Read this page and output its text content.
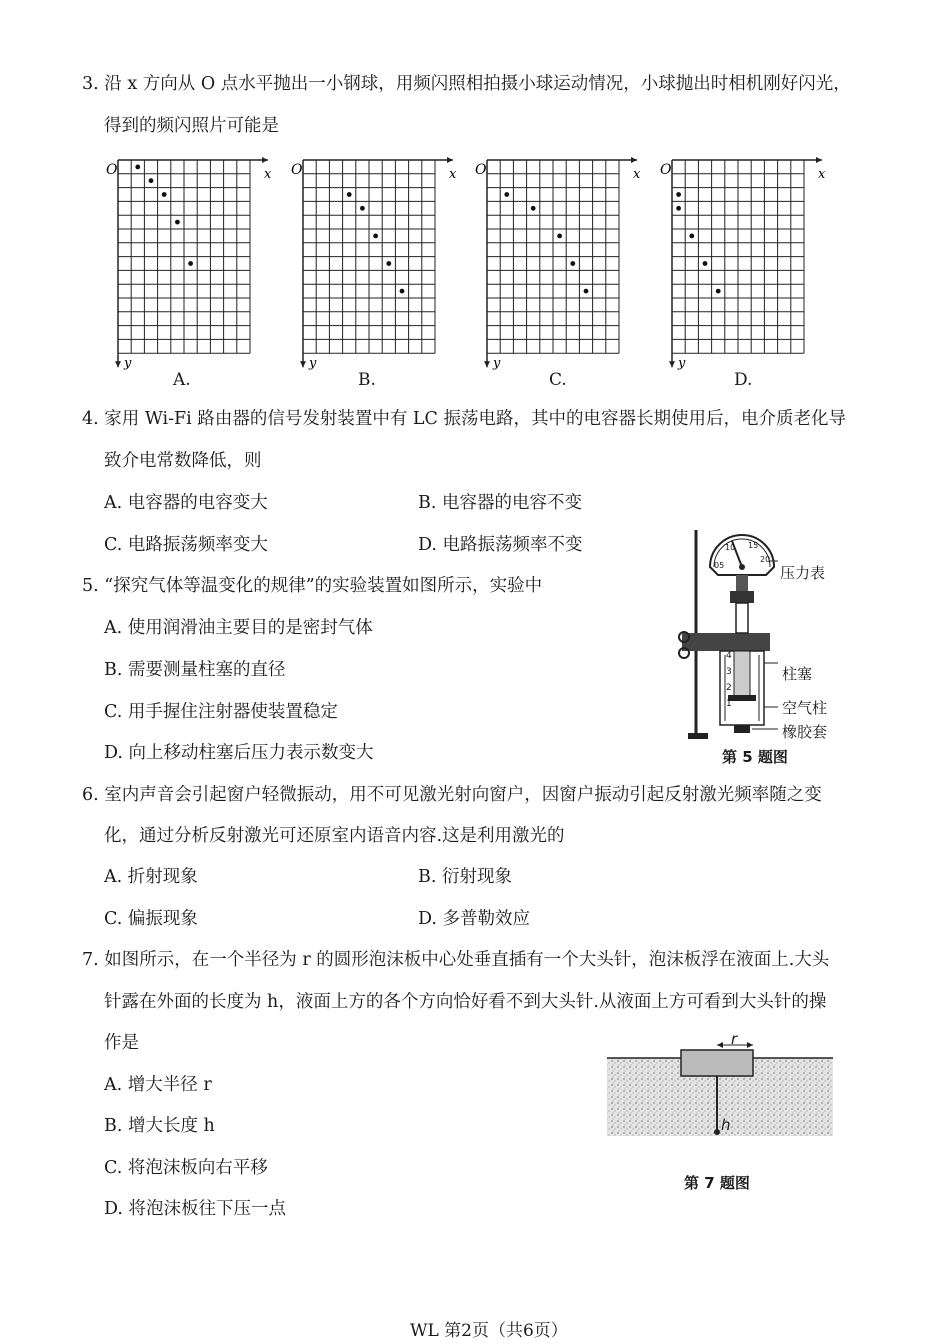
3. 沿 x 方向从 O 点水平抛出一小钢球，用频闪照相拍摄小球运动情况，小球抛出时相机刚好闪光，
得到的频闪照片可能是
O	x
y
O	x
y
O	x
y
O	x
y
A.	B.	C.	D.
4. 家用 Wi-Fi 路由器的信号发射装置中有 LC 振荡电路，其中的电容器长期使用后，电介质老化导
致介电常数降低，则
A. 电容器的电容变大	B. 电容器的电容不变
C. 电路振荡频率变大	D. 电路振荡频率不变
5. “探究气体等温变化的规律”的实验装置如图所示，实验中
A. 使用润滑油主要目的是密封气体
B. 需要测量柱塞的直径
C. 用手握住注射器使装置稳定
D. 向上移动柱塞后压力表示数变大
05
10 15
20
4
3
2
1
压力表
柱塞
空气柱
橡胶套
第 5 题图
6. 室内声音会引起窗户轻微振动，用不可见激光射向窗户，因窗户振动引起反射激光频率随之变
化，通过分析反射激光可还原室内语音内容.这是利用激光的
A. 折射现象	B. 衍射现象
C. 偏振现象	D. 多普勒效应
7. 如图所示，在一个半径为 r 的圆形泡沫板中心处垂直插有一个大头针，泡沫板浮在液面上.大头
针露在外面的长度为 h，液面上方的各个方向恰好看不到大头针.从液面上方可看到大头针的操
作是
A. 增大半径 r
B. 增大长度 h
C. 将泡沫板向右平移
D. 将泡沫板往下压一点
r
h
第 7 题图
WL 第2页（共6页）
